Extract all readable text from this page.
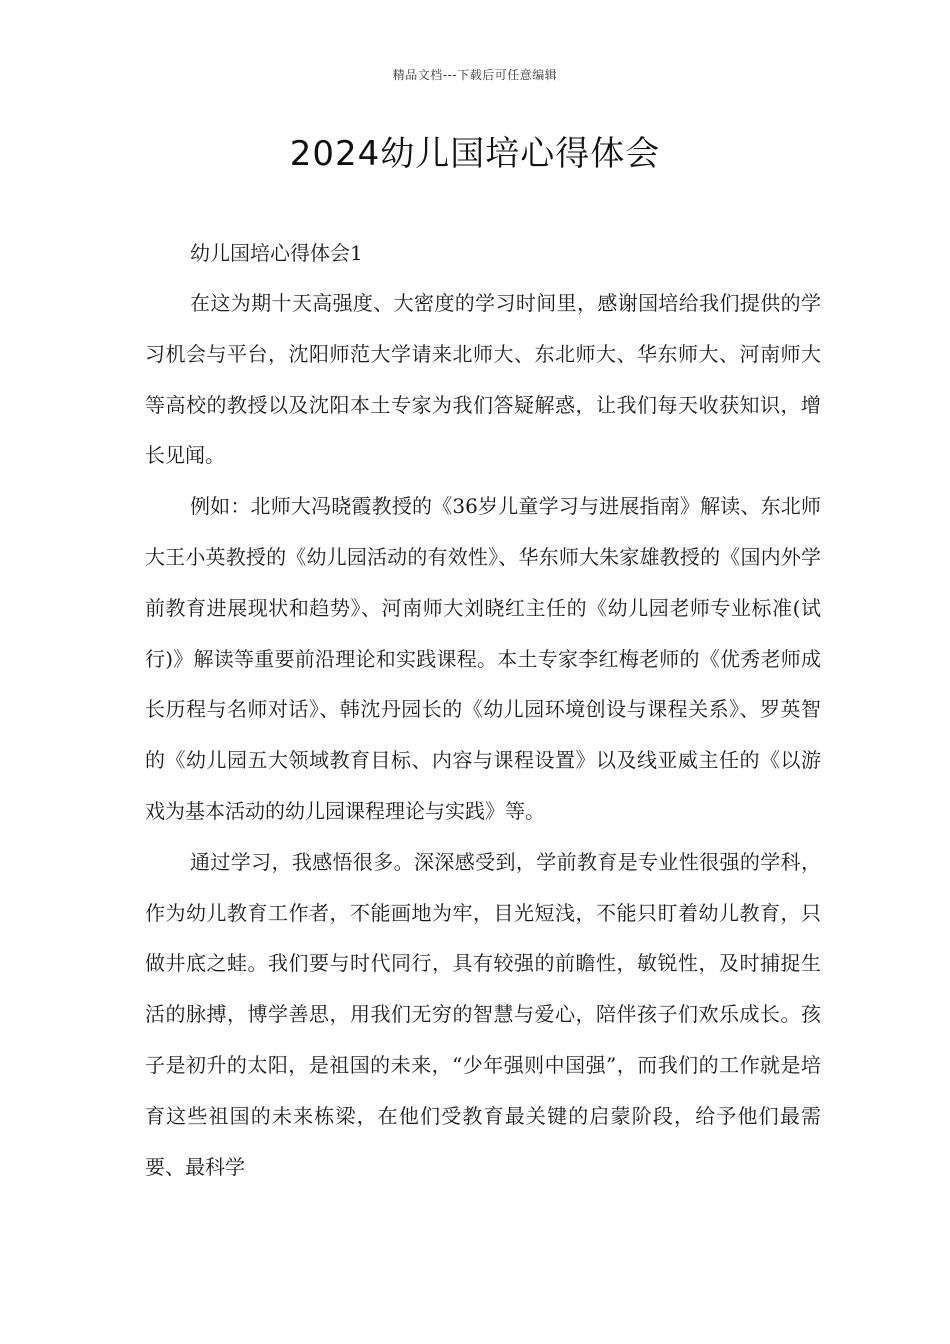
精品文档---下载后可任意编辑
2024幼儿国培心得体会

幼儿国培心得体会1

在这为期十天高强度、大密度的学习时间里，感谢国培给我们提供的学习机会与平台，沈阳师范大学请来北师大、东北师大、华东师大、河南师大等高校的教授以及沈阳本土专家为我们答疑解惑，让我们每天收获知识，增长见闻。

例如：北师大冯晓霞教授的《36岁儿童学习与进展指南》解读、东北师大王小英教授的《幼儿园活动的有效性》、华东师大朱家雄教授的《国内外学前教育进展现状和趋势》、河南师大刘晓红主任的《幼儿园老师专业标准(试行)》解读等重要前沿理论和实践课程。本土专家李红梅老师的《优秀老师成长历程与名师对话》、韩沈丹园长的《幼儿园环境创设与课程关系》、罗英智的《幼儿园五大领域教育目标、内容与课程设置》以及线亚威主任的《以游戏为基本活动的幼儿园课程理论与实践》等。

通过学习，我感悟很多。深深感受到，学前教育是专业性很强的学科，作为幼儿教育工作者，不能画地为牢，目光短浅，不能只盯着幼儿教育，只做井底之蛙。我们要与时代同行，具有较强的前瞻性，敏锐性，及时捕捉生活的脉搏，博学善思，用我们无穷的智慧与爱心，陪伴孩子们欢乐成长。孩子是初升的太阳，是祖国的未来，“少年强则中国强”，而我们的工作就是培育这些祖国的未来栋梁，在他们受教育最关键的启蒙阶段，给予他们最需要、最科学
